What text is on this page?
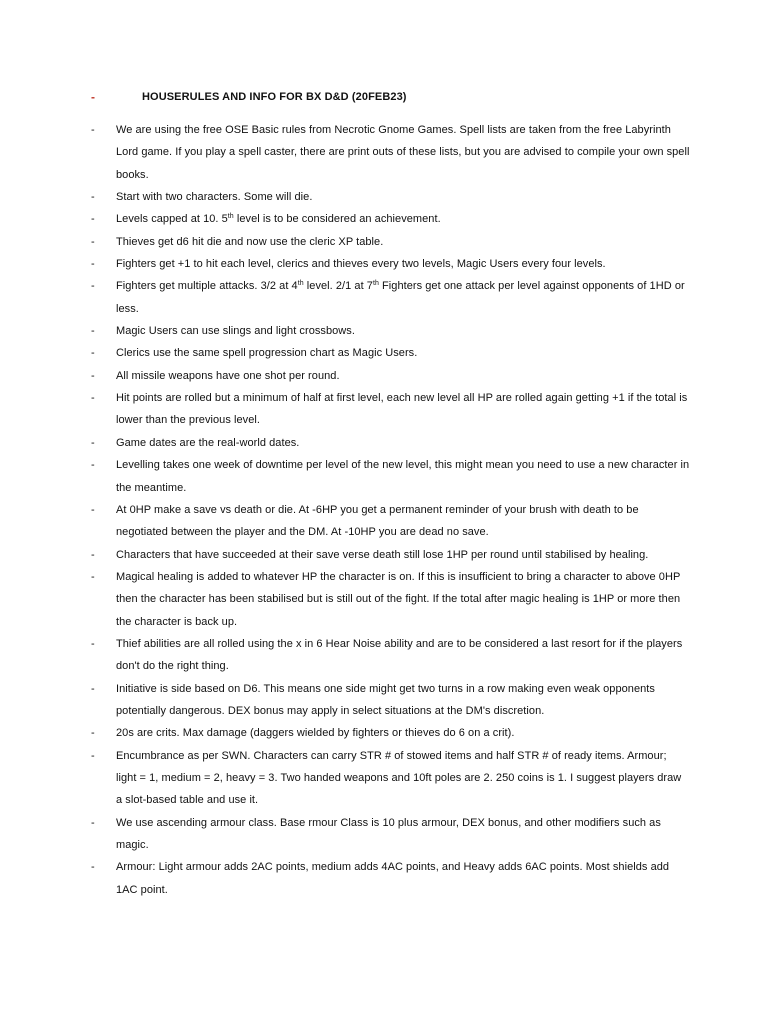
-	HOUSERULES AND INFO FOR BX D&D (20FEB23)
- We are using the free OSE Basic rules from Necrotic Gnome Games. Spell lists are taken from the free Labyrinth Lord game. If you play a spell caster, there are print outs of these lists, but you are advised to compile your own spell books.
- Start with two characters. Some will die.
- Levels capped at 10. 5th level is to be considered an achievement.
- Thieves get d6 hit die and now use the cleric XP table.
- Fighters get +1 to hit each level, clerics and thieves every two levels, Magic Users every four levels.
- Fighters get multiple attacks. 3/2 at 4th level. 2/1 at 7th Fighters get one attack per level against opponents of 1HD or less.
- Magic Users can use slings and light crossbows.
- Clerics use the same spell progression chart as Magic Users.
- All missile weapons have one shot per round.
- Hit points are rolled but a minimum of half at first level, each new level all HP are rolled again getting +1 if the total is lower than the previous level.
- Game dates are the real-world dates.
- Levelling takes one week of downtime per level of the new level, this might mean you need to use a new character in the meantime.
- At 0HP make a save vs death or die. At -6HP you get a permanent reminder of your brush with death to be negotiated between the player and the DM. At -10HP you are dead no save.
- Characters that have succeeded at their save verse death still lose 1HP per round until stabilised by healing.
- Magical healing is added to whatever HP the character is on. If this is insufficient to bring a character to above 0HP then the character has been stabilised but is still out of the fight. If the total after magic healing is 1HP or more then the character is back up.
- Thief abilities are all rolled using the x in 6 Hear Noise ability and are to be considered a last resort for if the players don't do the right thing.
- Initiative is side based on D6. This means one side might get two turns in a row making even weak opponents potentially dangerous. DEX bonus may apply in select situations at the DM's discretion.
- 20s are crits. Max damage (daggers wielded by fighters or thieves do 6 on a crit).
- Encumbrance as per SWN. Characters can carry STR # of stowed items and half STR # of ready items. Armour; light = 1, medium = 2, heavy = 3. Two handed weapons and 10ft poles are 2. 250 coins is 1. I suggest players draw a slot-based table and use it.
- We use ascending armour class. Base rmour Class is 10 plus armour, DEX bonus, and other modifiers such as magic.
- Armour: Light armour adds 2AC points, medium adds 4AC points, and Heavy adds 6AC points. Most shields add 1AC point.
